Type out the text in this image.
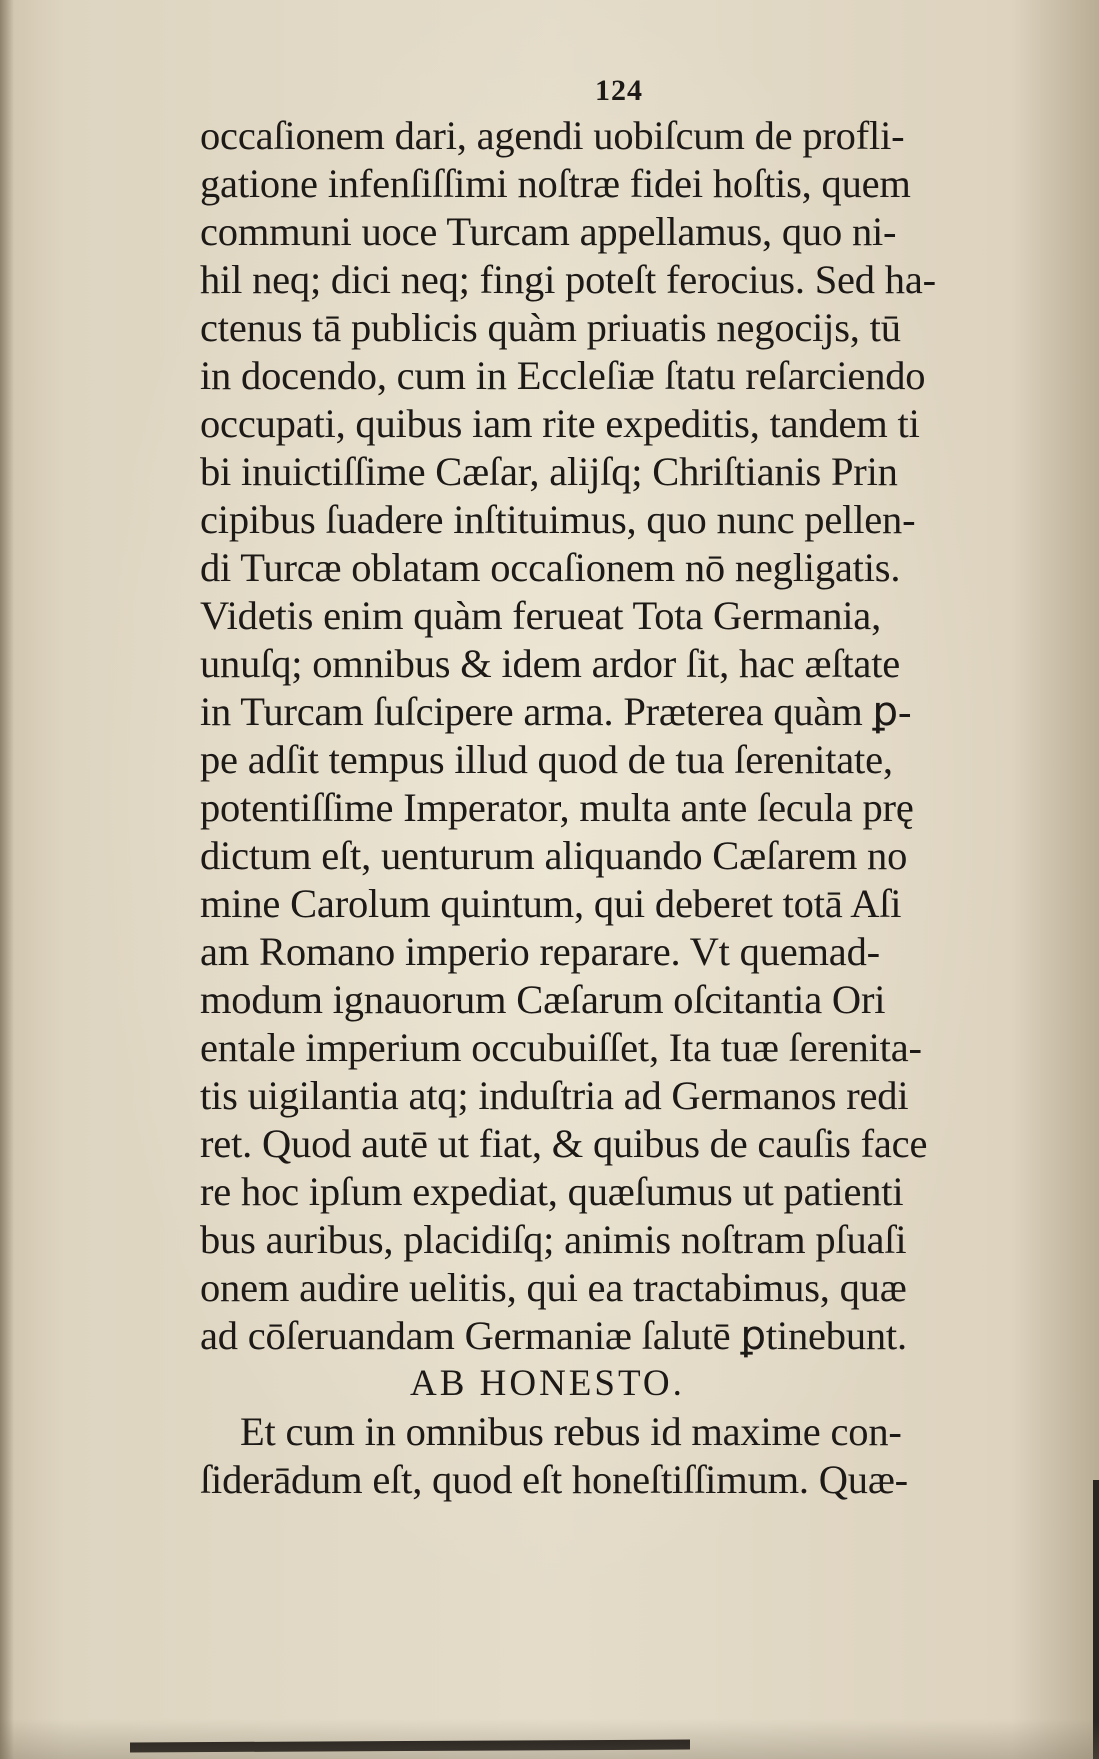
124
occaſionem dari, agendi uobiſcum de profli-
gatione infenſiſſimi noſtræ fidei hoſtis, quem
communi uoce Turcam appellamus, quo ni-
hil neq; dici neq; fingi poteſt ferocius. Sed ha-
ctenus tā publicis quàm priuatis negocijs, tū
in docendo, cum in Eccleſiæ ſtatu reſarciendo
occupati, quibus iam rite expeditis, tandem ti
bi inuictiſſime Cæſar, alijſq; Chriſtianis Prin
cipibus ſuadere inſtituimus, quo nunc pellen-
di Turcæ oblatam occaſionem nō negligatis.
Videtis enim quàm ferueat Tota Germania,
unuſq; omnibus & idem ardor ſit, hac æſtate
in Turcam ſuſcipere arma. Præterea quàm ꝑ-
pe adſit tempus illud quod de tua ſerenitate,
potentiſſime Imperator, multa ante ſecula prę
dictum eſt, uenturum aliquando Cæſarem no
mine Carolum quintum, qui deberet totā Aſi
am Romano imperio reparare. Vt quemad-
modum ignauorum Cæſarum oſcitantia Ori
entale imperium occubuiſſet, Ita tuæ ſerenita-
tis uigilantia atq; induſtria ad Germanos redi
ret. Quod autē ut fiat, & quibus de cauſis face
re hoc ipſum expediat, quæſumus ut patienti
bus auribus, placidiſq; animis noſtram pſuaſi
onem audire uelitis, qui ea tractabimus, quæ
ad cōſeruandam Germaniæ ſalutē ꝑtinebunt.
AB HONESTO.
Et cum in omnibus rebus id maxime con-
ſiderādum eſt, quod eſt honeſtiſſimum. Quæ-
